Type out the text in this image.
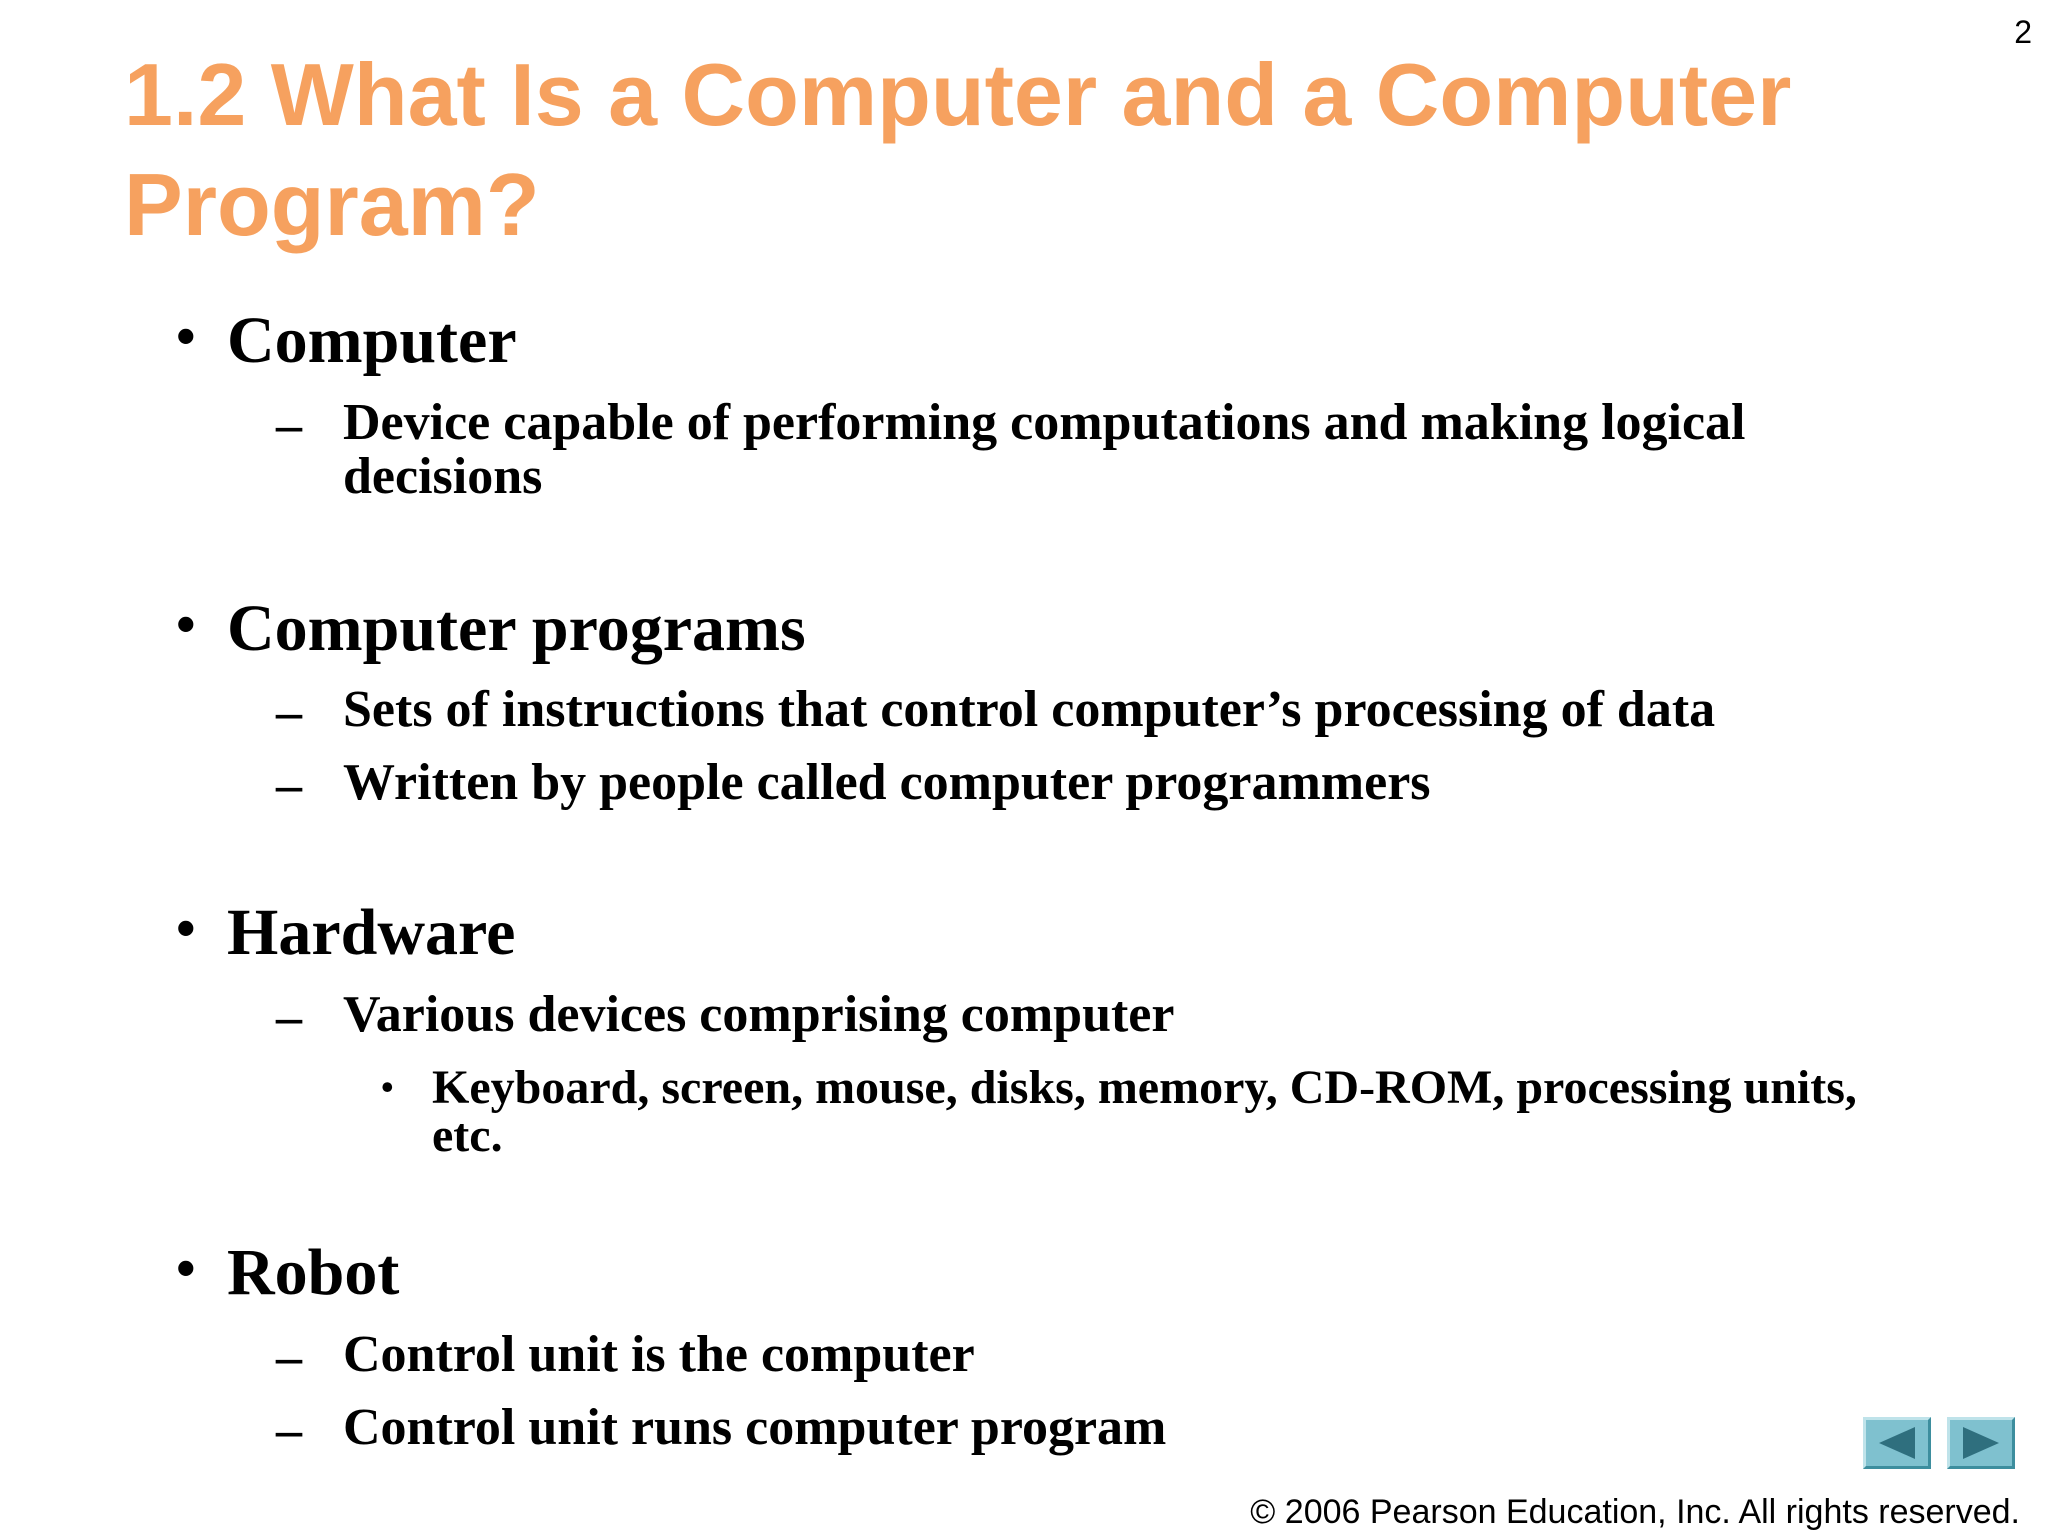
2
1.2 What Is a Computer and a Computer Program?
• Computer
– Device capable of performing computations and making logical decisions
• Computer programs
– Sets of instructions that control computer’s processing of data
– Written by people called computer programmers
• Hardware
– Various devices comprising computer
• Keyboard, screen, mouse, disks, memory, CD-ROM, processing units, etc.
• Robot
– Control unit is the computer
– Control unit runs computer program
© 2006 Pearson Education, Inc. All rights reserved.
